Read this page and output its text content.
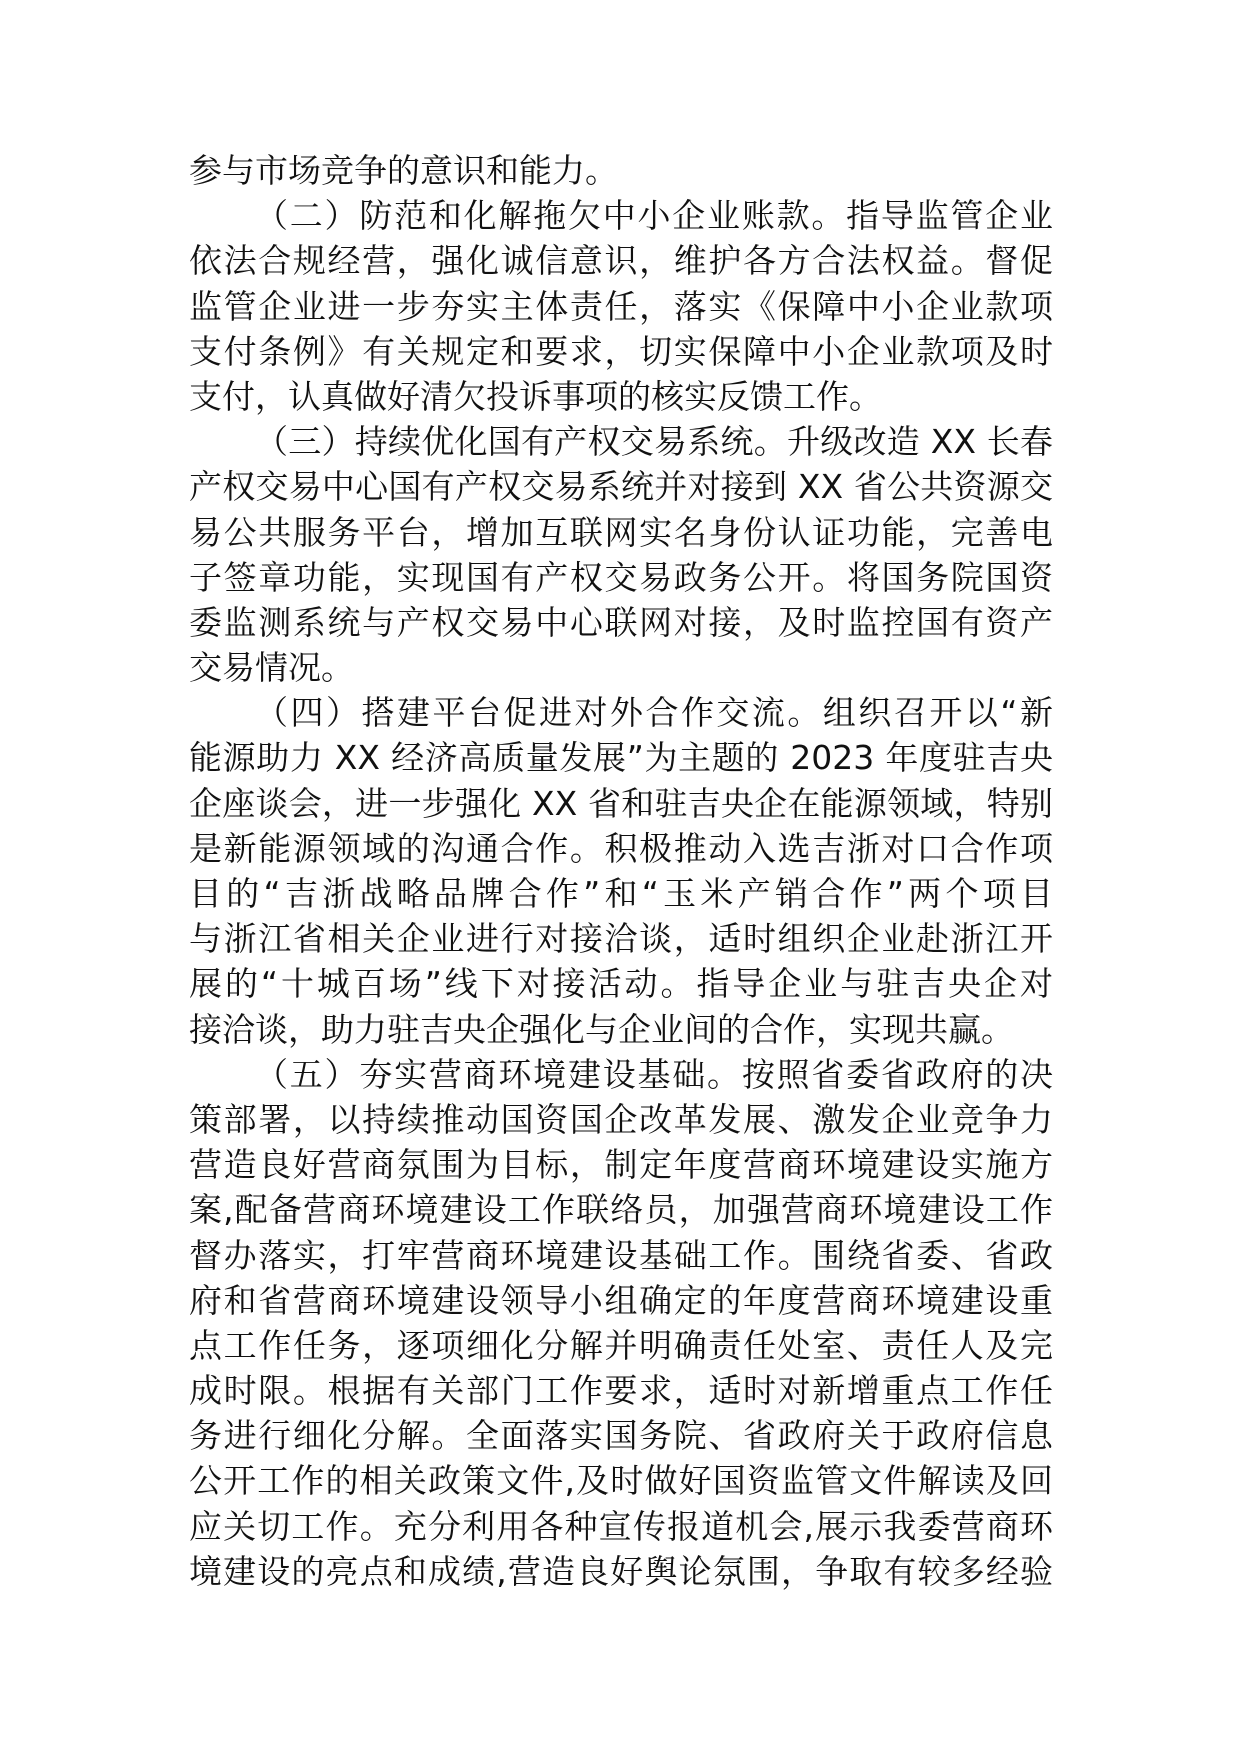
参与市场竞争的意识和能力。
（二）防范和化解拖欠中小企业账款。指导监管企业
依法合规经营，强化诚信意识，维护各方合法权益。督促
监管企业进一步夯实主体责任，落实《保障中小企业款项
支付条例》有关规定和要求，切实保障中小企业款项及时
支付，认真做好清欠投诉事项的核实反馈工作。
（三）持续优化国有产权交易系统。升级改造 XX 长春
产权交易中心国有产权交易系统并对接到 XX 省公共资源交
易公共服务平台，增加互联网实名身份认证功能，完善电
子签章功能，实现国有产权交易政务公开。将国务院国资
委监测系统与产权交易中心联网对接，及时监控国有资产
交易情况。
（四）搭建平台促进对外合作交流。组织召开以“新
能源助力 XX 经济高质量发展”为主题的 2023 年度驻吉央
企座谈会，进一步强化 XX 省和驻吉央企在能源领域，特别
是新能源领域的沟通合作。积极推动入选吉浙对口合作项
目的“吉浙战略品牌合作”和“玉米产销合作”两个项目
与浙江省相关企业进行对接洽谈，适时组织企业赴浙江开
展的“十城百场”线下对接活动。指导企业与驻吉央企对
接洽谈，助力驻吉央企强化与企业间的合作，实现共赢。
（五）夯实营商环境建设基础。按照省委省政府的决
策部署，以持续推动国资国企改革发展、激发企业竞争力
营造良好营商氛围为目标，制定年度营商环境建设实施方
案,配备营商环境建设工作联络员，加强营商环境建设工作
督办落实，打牢营商环境建设基础工作。围绕省委、省政
府和省营商环境建设领导小组确定的年度营商环境建设重
点工作任务，逐项细化分解并明确责任处室、责任人及完
成时限。根据有关部门工作要求，适时对新增重点工作任
务进行细化分解。全面落实国务院、省政府关于政府信息
公开工作的相关政策文件,及时做好国资监管文件解读及回
应关切工作。充分利用各种宣传报道机会,展示我委营商环
境建设的亮点和成绩,营造良好舆论氛围，争取有较多经验
